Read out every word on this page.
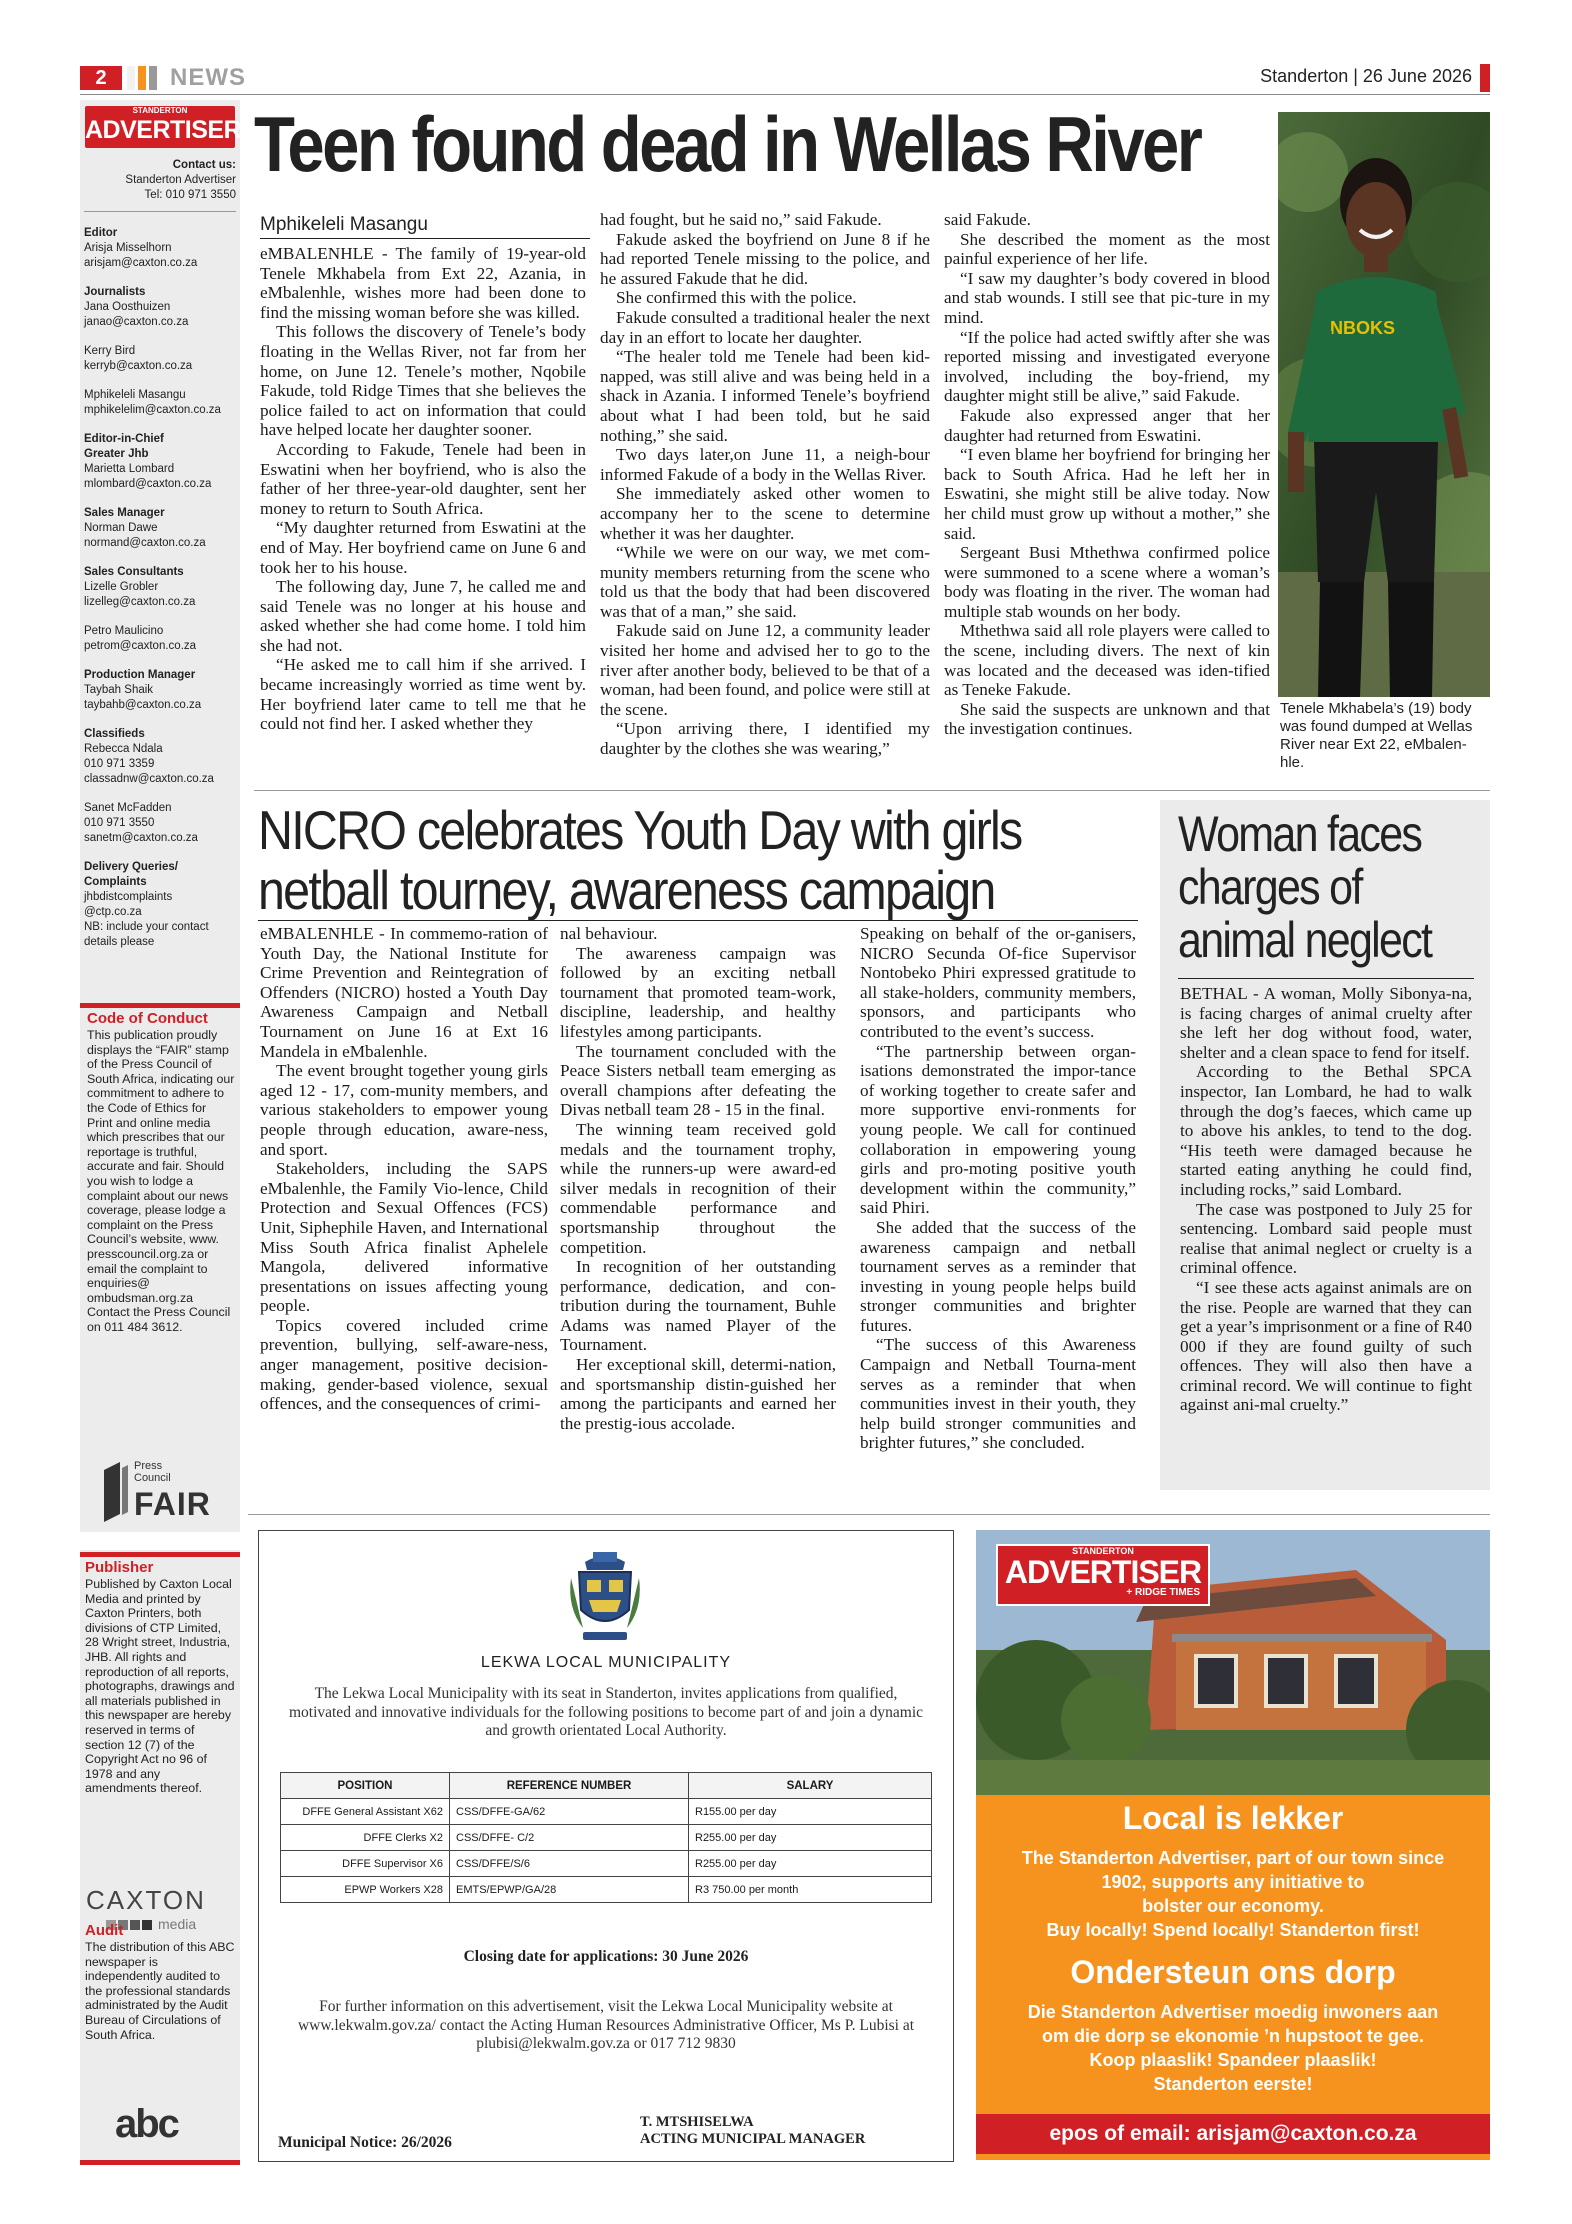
2	NEWS	Standerton | 26 June 2026
STANDERTON
ADVERTISER
Contact us:
Standerton Advertiser
Tel: 010 971 3550
Editor
Arisja Misselhorn
arisjam@caxton.co.za
Journalists
Jana Oosthuizen
janao@caxton.co.za
Kerry Bird
kerryb@caxton.co.za
Mphikeleli Masangu
mphikelelim@caxton.co.za
Editor-in-Chief
Greater Jhb
Marietta Lombard
mlombard@caxton.co.za
Sales Manager
Norman Dawe
normand@caxton.co.za
Sales Consultants
Lizelle Grobler
lizelleg@caxton.co.za
Petro Maulicino
petrom@caxton.co.za
Production Manager
Taybah Shaik
taybahb@caxton.co.za
Classifieds
Rebecca Ndala
010 971 3359
classadnw@caxton.co.za
Sanet McFadden
010 971 3550
sanetm@caxton.co.za
Delivery Queries/
Complaints
jhbdistcomplaints
@ctp.co.za
NB: include your contact
details please
Code of Conduct
This publication proudly displays the “FAIR” stamp of the Press Council of South Africa, indicating our commitment to adhere to the Code of Ethics for Print and online media which prescribes that our reportage is truthful, accurate and fair. Should you wish to lodge a complaint about our news coverage, please lodge a complaint on the Press Council’s website, www. presscouncil.org.za or email the complaint to enquiries@ ombudsman.org.za Contact the Press Council on 011 484 3612.
Press
Council
FAIR
Publisher
Published by Caxton Local Media and printed by Caxton Printers, both divisions of CTP Limited, 28 Wright street, Industria, JHB. All rights and reproduction of all reports, photographs, drawings and all materials published in this newspaper are hereby reserved in terms of section 12 (7) of the Copyright Act no 96 of 1978 and any amendments thereof.
CAXTON
media
Audit
The distribution of this ABC newspaper is independently audited to the professional standards administrated by the Audit Bureau of Circulations of South Africa.
abc
Teen found dead in Wellas River
Mphikeleli Masangu

eMBALENHLE - The family of 19-year-old Tenele Mkhabela from Ext 22, Azania, in eMbalenhle, wishes more had been done to find the missing woman before she was killed.

This follows the discovery of Tenele’s body floating in the Wellas River, not far from her home, on June 12. Tenele’s mother, Nqobile Fakude, told Ridge Times that she believes the police failed to act on information that could have helped locate her daughter sooner.

According to Fakude, Tenele had been in Eswatini when her boyfriend, who is also the father of her three-year-old daughter, sent her money to return to South Africa.

“My daughter returned from Eswatini at the end of May. Her boyfriend came on June 6 and took her to his house.

The following day, June 7, he called me and said Tenele was no longer at his house and asked whether she had come home. I told him she had not.

“He asked me to call him if she arrived. I became increasingly worried as time went by. Her boyfriend later came to tell me that he could not find her. I asked whether they

had fought, but he said no,” said Fakude.

Fakude asked the boyfriend on June 8 if he had reported Tenele missing to the police, and he assured Fakude that he did.

She confirmed this with the police.

Fakude consulted a traditional healer the next day in an effort to locate her daughter.

“The healer told me Tenele had been kid-napped, was still alive and was being held in a shack in Azania. I informed Tenele’s boyfriend about what I had been told, but he said nothing,” she said.

Two days later,on June 11, a neigh-bour informed Fakude of a body in the Wellas River.

She immediately asked other women to accompany her to the scene to determine whether it was her daughter.

“While we were on our way, we met com-munity members returning from the scene who told us that the body that had been discovered was that of a man,” she said.

Fakude said on June 12, a community leader visited her home and advised her to go to the river after another body, believed to be that of a woman, had been found, and police were still at the scene.

“Upon arriving there, I identified my daughter by the clothes she was wearing,”

said Fakude.

She described the moment as the most painful experience of her life.

“I saw my daughter’s body covered in blood and stab wounds. I still see that pic-ture in my mind.

“If the police had acted swiftly after she was reported missing and investigated everyone involved, including the boy-friend, my daughter might still be alive,” said Fakude.

Fakude also expressed anger that her daughter had returned from Eswatini.

“I even blame her boyfriend for bringing her back to South Africa. Had he left her in Eswatini, she might still be alive today. Now her child must grow up without a mother,” she said.

Sergeant Busi Mthethwa confirmed police were summoned to a scene where a woman’s body was floating in the river. The woman had multiple stab wounds on her body.

Mthethwa said all role players were called to the scene, including divers. The next of kin was located and the deceased was iden-tified as Teneke Fakude.

She said the suspects are unknown and that the investigation continues.

NBOKS
Tenele Mkhabela’s (19) body was found dumped at Wellas River near Ext 22, eMbalen-hle.
NICRO celebrates Youth Day with girls
netball tourney, awareness campaign

eMBALENHLE - In commemo-ration of Youth Day, the National Institute for Crime Prevention and Reintegration of Offenders (NICRO) hosted a Youth Day Awareness Campaign and Netball Tournament on June 16 at Ext 16 Mandela in eMbalenhle.

The event brought together young girls aged 12 - 17, com-munity members, and various stakeholders to empower young people through education, aware-ness, and sport.

Stakeholders, including the SAPS eMbalenhle, the Family Vio-lence, Child Protection and Sexual Offences (FCS) Unit, Siphephile Haven, and International Miss South Africa finalist Aphelele Mangola, delivered informative presentations on issues affecting young people.

Topics covered included crime prevention, bullying, self-aware-ness, anger management, positive decision-making, gender-based violence, sexual offences, and the consequences of crimi-

nal behaviour.

The awareness campaign was followed by an exciting netball tournament that promoted team-work, discipline, leadership, and healthy lifestyles among participants.

The tournament concluded with the Peace Sisters netball team emerging as overall champions after defeating the Divas netball team 28 - 15 in the final.

The winning team received gold medals and the tournament trophy, while the runners-up were award-ed silver medals in recognition of their commendable performance and sportsmanship throughout the competition.

In recognition of her outstanding performance, dedication, and con-tribution during the tournament, Buhle Adams was named Player of the Tournament.

Her exceptional skill, determi-nation, and sportsmanship distin-guished her among the participants and earned her the prestig-ious accolade.

Speaking on behalf of the or-ganisers, NICRO Secunda Of-fice Supervisor Nontobeko Phiri expressed gratitude to all stake-holders, community members, sponsors, and participants who contributed to the event’s success.

“The partnership between organ-isations demonstrated the impor-tance of working together to create safer and more supportive envi-ronments for young people. We call for continued collaboration in empowering young girls and pro-moting positive youth development within the community,” said Phiri.

She added that the success of the awareness campaign and netball tournament serves as a reminder that investing in young people helps build stronger communities and brighter futures.

“The success of this Awareness Campaign and Netball Tourna-ment serves as a reminder that when communities invest in their youth, they help build stronger communities and brighter futures,” she concluded.

Woman faces
charges of
animal neglect

BETHAL - A woman, Molly Sibonya-na, is facing charges of animal cruelty after she left her dog without food, water, shelter and a clean space to fend for itself.

According to the Bethal SPCA inspector, Ian Lombard, he had to walk through the dog’s faeces, which came up to above his ankles, to tend to the dog. “His teeth were damaged because he started eating anything he could find, including rocks,” said Lombard.

The case was postponed to July 25 for sentencing. Lombard said people must realise that animal neglect or cruelty is a criminal offence.

“I see these acts against animals are on the rise. People are warned that they can get a year’s imprisonment or a fine of R40 000 if they are found guilty of such offences. They will also then have a criminal record. We will continue to fight against ani-mal cruelty.”

LEKWA LOCAL MUNICIPALITY
The Lekwa Local Municipality with its seat in Standerton, invites applications from qualified, motivated and innovative individuals for the following positions to become part of and join a dynamic and growth orientated Local Authority.
POSITION	REFERENCE NUMBER	SALARY
DFFE General Assistant X62	CSS/DFFE-GA/62	R155.00 per day
DFFE Clerks X2	CSS/DFFE- C/2	R255.00 per day
DFFE Supervisor X6	CSS/DFFE/S/6	R255.00 per day
EPWP Workers X28	EMTS/EPWP/GA/28	R3 750.00 per month
Closing date for applications: 30 June 2026
For further information on this advertisement, visit the Lekwa Local Municipality website at www.lekwalm.gov.za/ contact the Acting Human Resources Administrative Officer, Ms P. Lubisi at plubisi@lekwalm.gov.za or 017 712 9830
Municipal Notice: 26/2026
T. MTSHISELWA
ACTING MUNICIPAL MANAGER
STANDERTON
ADVERTISER
+ RIDGE TIMES
Local is lekker
The Standerton Advertiser, part of our town since
1902, supports any initiative to
bolster our economy.
Buy locally! Spend locally! Standerton first!
Ondersteun ons dorp
Die Standerton Advertiser moedig inwoners aan
om die dorp se ekonomie ’n hupstoot te gee.
Koop plaaslik! Spandeer plaaslik!
Standerton eerste!
epos of email: arisjam@caxton.co.za
